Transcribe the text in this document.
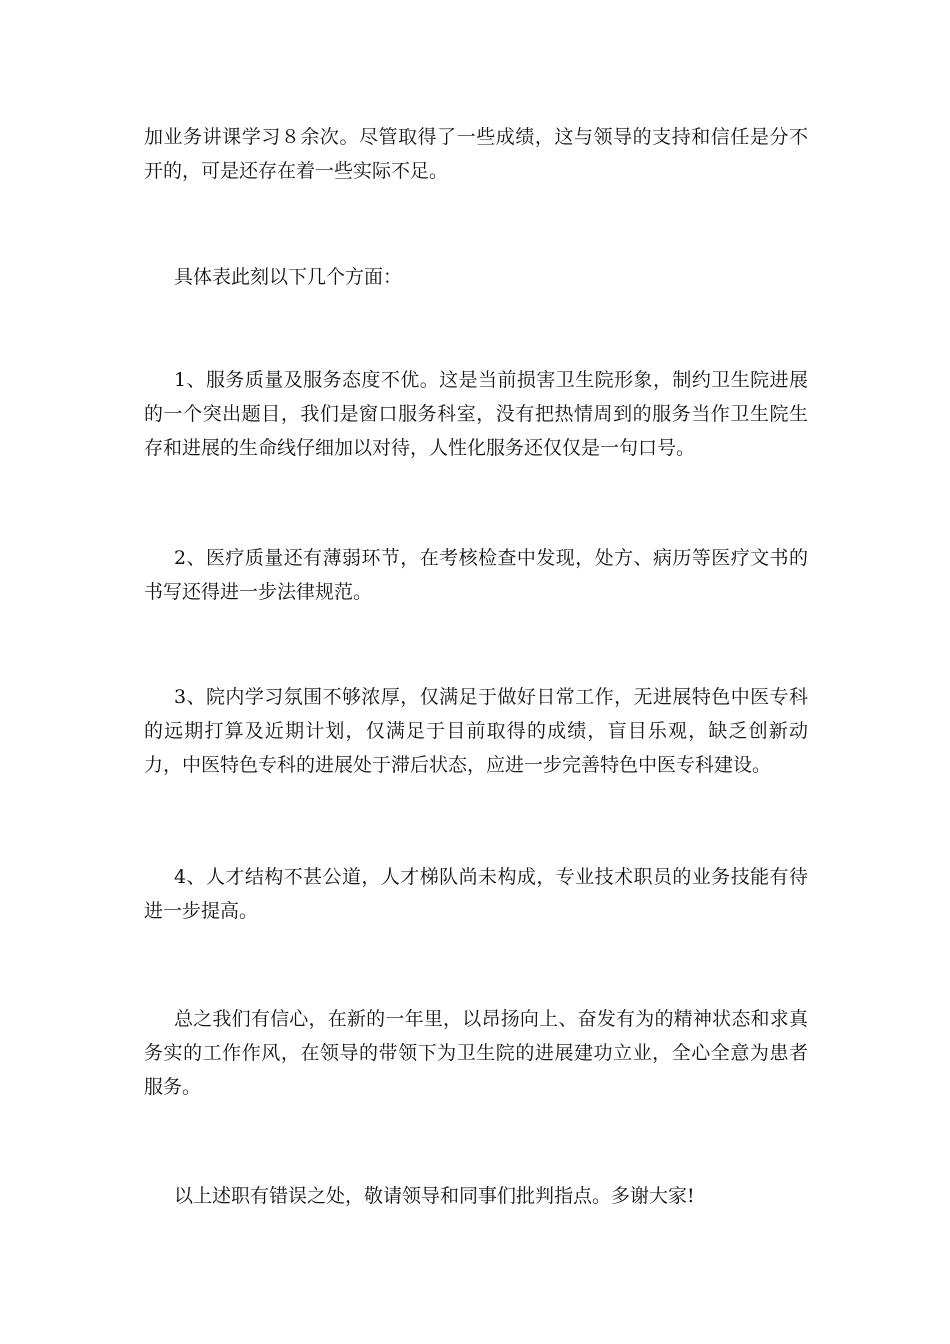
加业务讲课学习８余次。尽管取得了一些成绩，这与领导的支持和信任是分不开的，可是还存在着一些实际不足。

具体表此刻以下几个方面：

1、服务质量及服务态度不优。这是当前损害卫生院形象，制约卫生院进展的一个突出题目，我们是窗口服务科室，没有把热情周到的服务当作卫生院生存和进展的生命线仔细加以对待，人性化服务还仅仅是一句口号。

2、医疗质量还有薄弱环节，在考核检查中发现，处方、病历等医疗文书的书写还得进一步法律规范。

3、院内学习氛围不够浓厚，仅满足于做好日常工作，无进展特色中医专科的远期打算及近期计划，仅满足于目前取得的成绩，盲目乐观，缺乏创新动力，中医特色专科的进展处于滞后状态，应进一步完善特色中医专科建设。

4、人才结构不甚公道，人才梯队尚未构成，专业技术职员的业务技能有待进一步提高。

总之我们有信心，在新的一年里，以昂扬向上、奋发有为的精神状态和求真务实的工作作风，在领导的带领下为卫生院的进展建功立业，全心全意为患者服务。

以上述职有错误之处，敬请领导和同事们批判指点。多谢大家!
